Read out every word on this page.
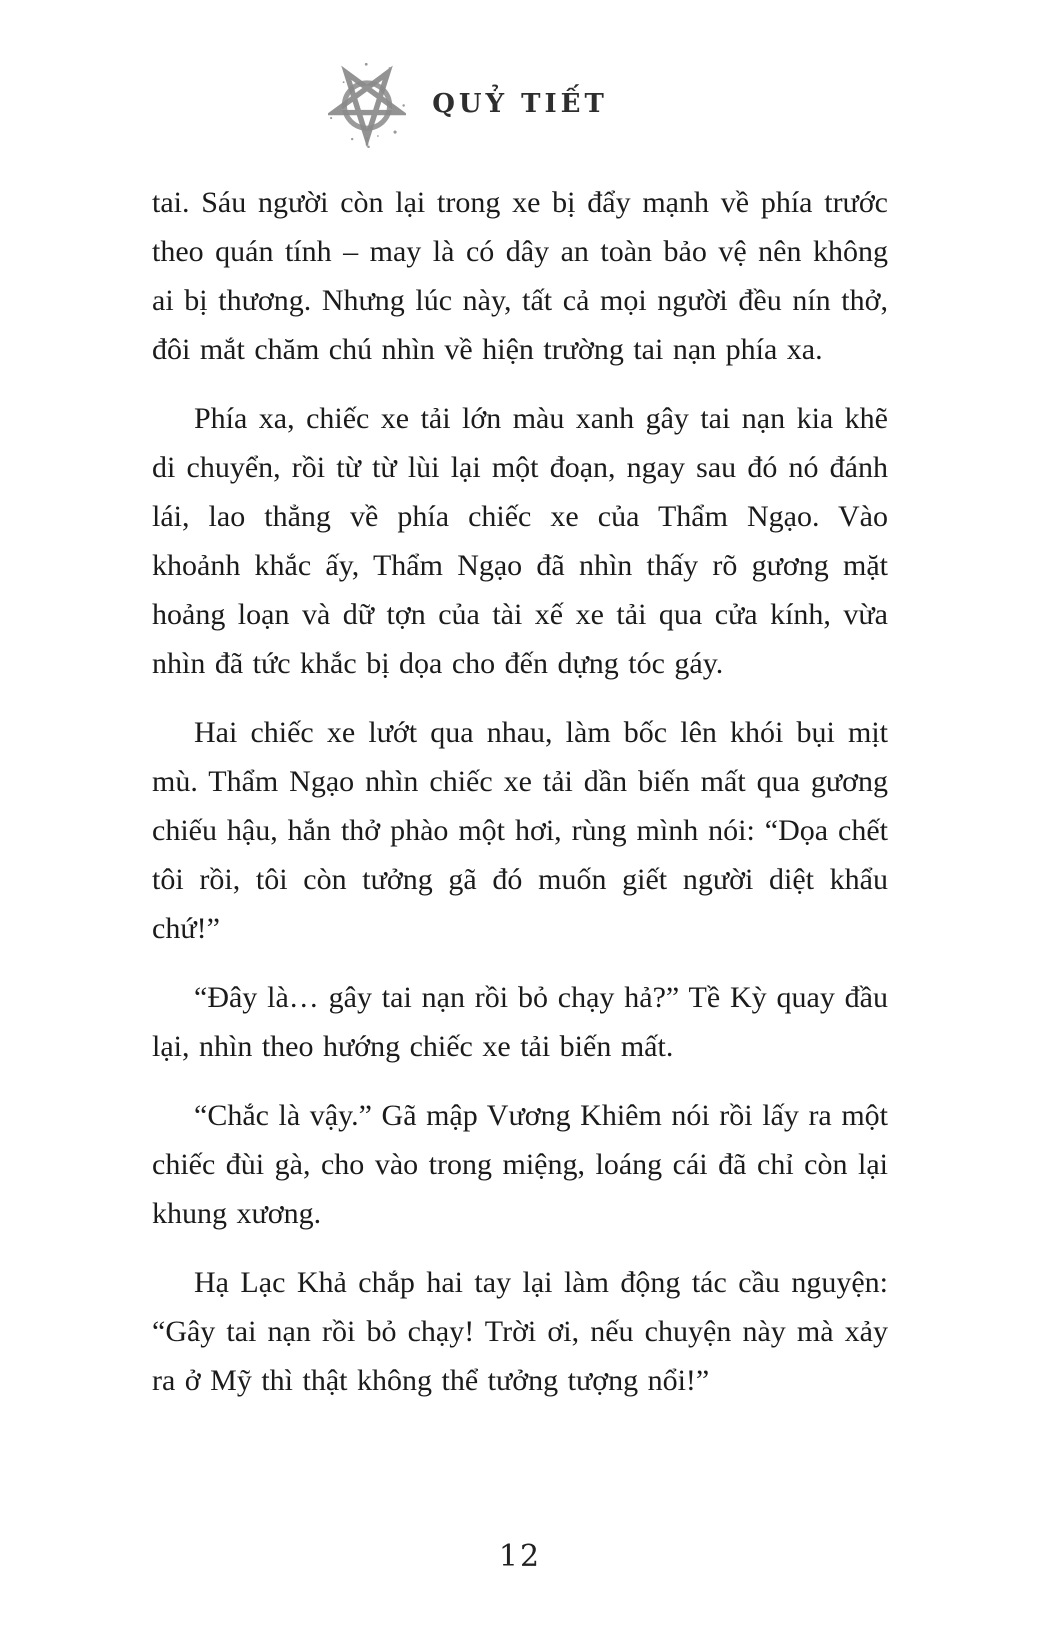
QUỶ TIẾT

tai. Sáu người còn lại trong xe bị đẩy mạnh về phía trước theo quán tính – may là có dây an toàn bảo vệ nên không ai bị thương. Nhưng lúc này, tất cả mọi người đều nín thở, đôi mắt chăm chú nhìn về hiện trường tai nạn phía xa.

Phía xa, chiếc xe tải lớn màu xanh gây tai nạn kia khẽ di chuyển, rồi từ từ lùi lại một đoạn, ngay sau đó nó đánh lái, lao thẳng về phía chiếc xe của Thẩm Ngạo. Vào khoảnh khắc ấy, Thẩm Ngạo đã nhìn thấy rõ gương mặt hoảng loạn và dữ tợn của tài xế xe tải qua cửa kính, vừa nhìn đã tức khắc bị dọa cho đến dựng tóc gáy.

Hai chiếc xe lướt qua nhau, làm bốc lên khói bụi mịt mù. Thẩm Ngạo nhìn chiếc xe tải dần biến mất qua gương chiếu hậu, hắn thở phào một hơi, rùng mình nói: “Dọa chết tôi rồi, tôi còn tưởng gã đó muốn giết người diệt khẩu chứ!”

“Đây là… gây tai nạn rồi bỏ chạy hả?” Tề Kỳ quay đầu lại, nhìn theo hướng chiếc xe tải biến mất.

“Chắc là vậy.” Gã mập Vương Khiêm nói rồi lấy ra một chiếc đùi gà, cho vào trong miệng, loáng cái đã chỉ còn lại khung xương.

Hạ Lạc Khả chắp hai tay lại làm động tác cầu nguyện: “Gây tai nạn rồi bỏ chạy! Trời ơi, nếu chuyện này mà xảy ra ở Mỹ thì thật không thể tưởng tượng nổi!”

12
